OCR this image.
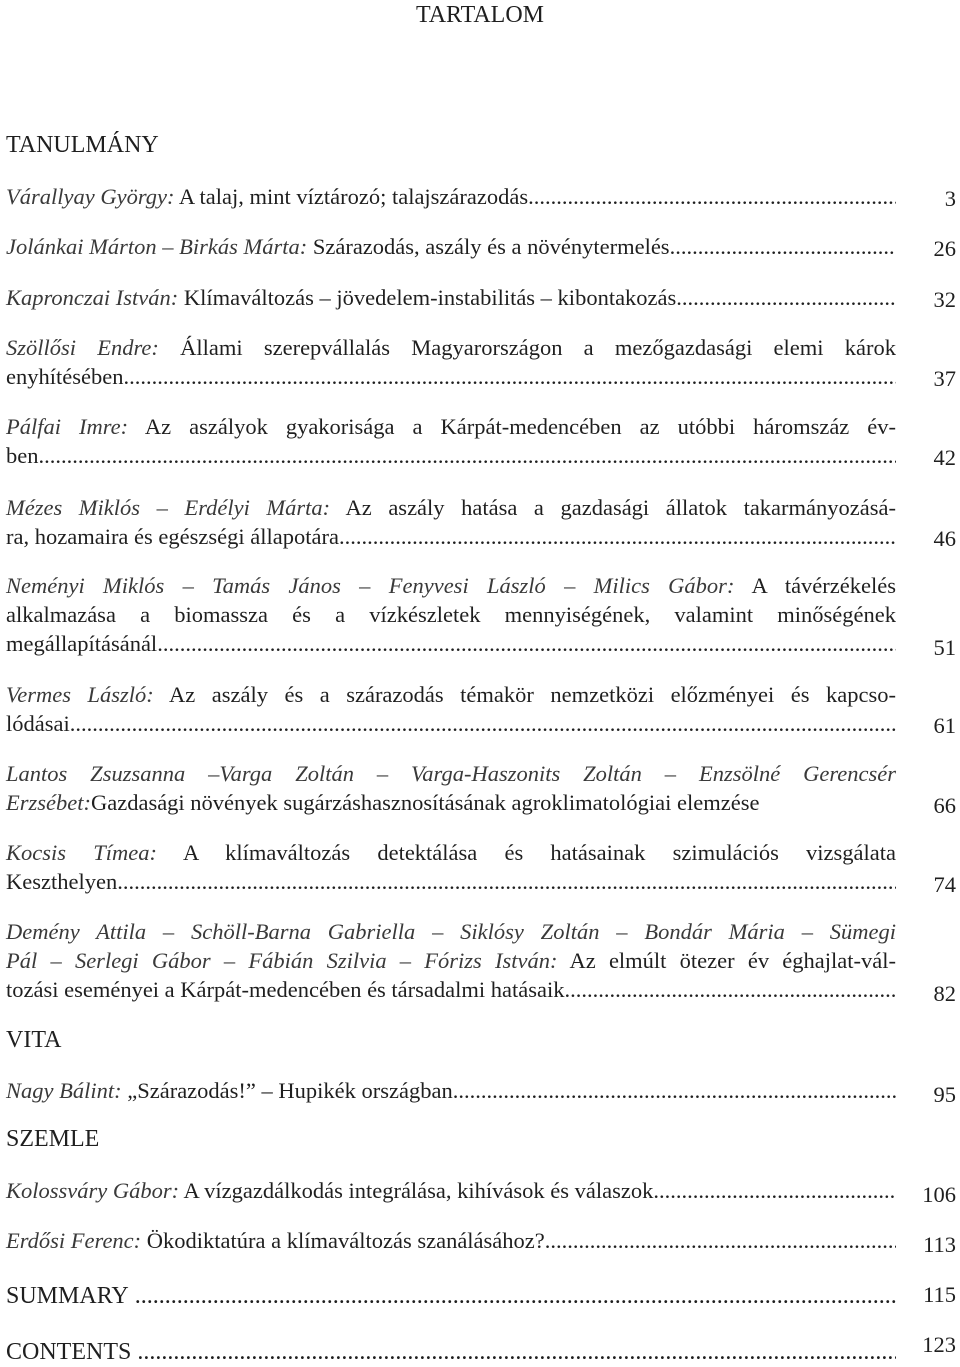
TARTALOM
TANULMÁNY
Várallyay György: A talaj, mint víztározó; talajszárazodás .....	3
Jolánkai Márton – Birkás Márta: Szárazodás, aszály és a növénytermelés .....	26
Kapronczai István: Klímaváltozás – jövedelem-instabilitás – kibontakozás .....	32
Szöllősi Endre: Állami szerepvállalás Magyarországon a mezőgazdasági elemi károk
enyhítésében .....	37
Pálfai Imre: Az aszályok gyakorisága a Kárpát-medencében az utóbbi háromszáz év-
ben .....	42
Mézes Miklós – Erdélyi Márta: Az aszály hatása a gazdasági állatok takarmányozásá-
ra, hozamaira és egészségi állapotára .....	46
Neményi Miklós – Tamás János – Fenyvesi László – Milics Gábor: A távérzékelés
alkalmazása a biomassza és a vízkészletek mennyiségének, valamint minőségének
megállapításánál .....	51
Vermes László: Az aszály és a szárazodás témakör nemzetközi előzményei és kapcso-
lódásai .....	61
Lantos Zsuzsanna –Varga Zoltán – Varga-Haszonits Zoltán – Enzsölné Gerencsér
Erzsébet: Gazdasági növények sugárzáshasznosításának agroklimatológiai elemzése	66
Kocsis Tímea: A klímaváltozás detektálása és hatásainak szimulációs vizsgálata
Keszthelyen .....	74
Demény Attila – Schöll-Barna Gabriella – Siklósy Zoltán – Bondár Mária – Sümegi
Pál – Serlegi Gábor – Fábián Szilvia – Fórizs István: Az elmúlt ötezer év éghajlat-vál-
tozási eseményei a Kárpát-medencében és társadalmi hatásaik .....	82
VITA
Nagy Bálint: „Szárazodás!” – Hupikék országban .....	95
SZEMLE
Kolossváry Gábor: A vízgazdálkodás integrálása, kihívások és válaszok .....	106
Erdősi Ferenc: Ökodiktatúra a klímaváltozás szanálásához? .....	113
SUMMARY .....	115
CONTENTS .....	123
